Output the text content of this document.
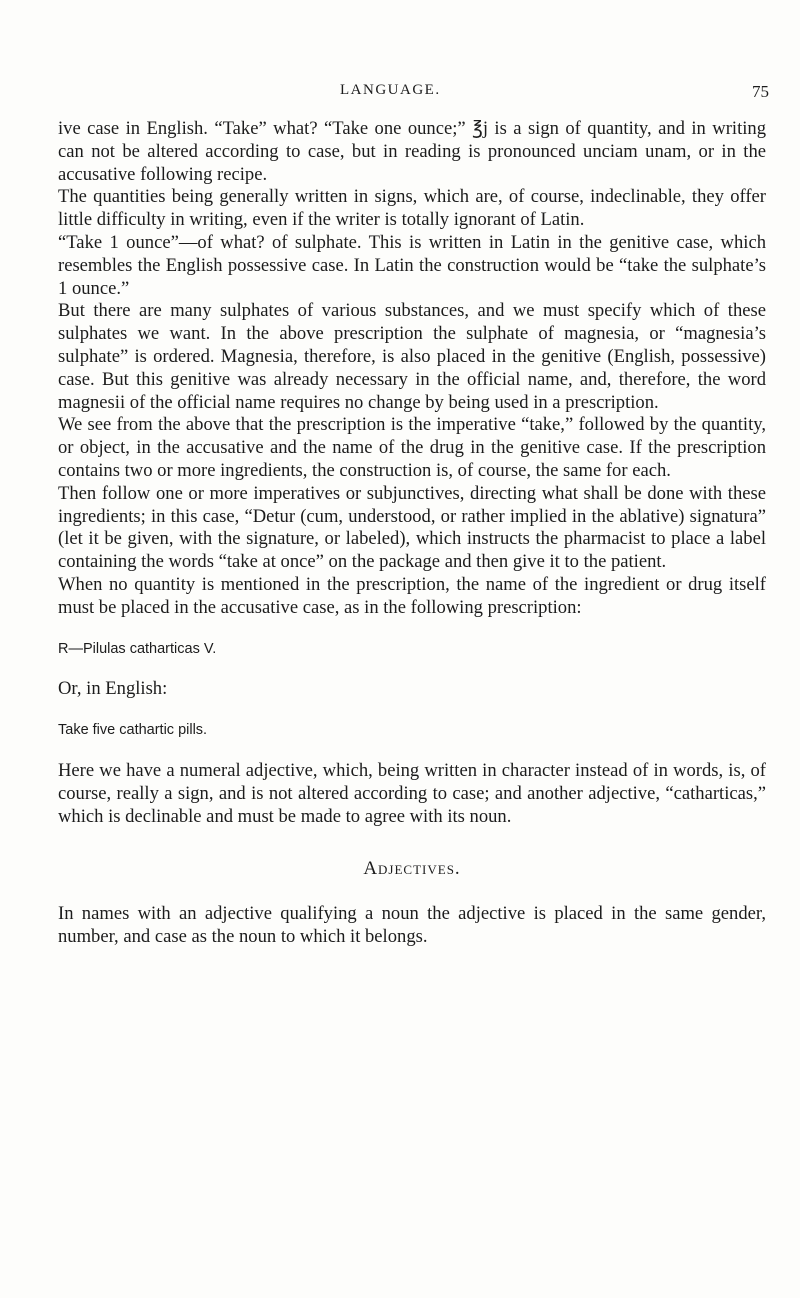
LANGUAGE.	75

ive case in English. “Take” what? “Take one ounce;” ℥j is a sign of quantity, and in writing can not be altered according to case, but in reading is pronounced unciam unam, or in the accusative following recipe.

The quantities being generally written in signs, which are, of course, indeclinable, they offer little difficulty in writing, even if the writer is totally ignorant of Latin.

“Take 1 ounce”—of what? of sulphate. This is written in Latin in the genitive case, which resembles the English possessive case. In Latin the construction would be “take the sulphate’s 1 ounce.”

But there are many sulphates of various substances, and we must specify which of these sulphates we want. In the above prescription the sulphate of magnesia, or “magnesia’s sulphate” is ordered. Magnesia, therefore, is also placed in the genitive (English, possessive) case. But this genitive was already necessary in the official name, and, therefore, the word magnesii of the official name requires no change by being used in a prescription.

We see from the above that the prescription is the imperative “take,” followed by the quantity, or object, in the accusative and the name of the drug in the genitive case. If the prescription contains two or more ingredients, the construction is, of course, the same for each.

Then follow one or more imperatives or subjunctives, directing what shall be done with these ingredients; in this case, “Detur (cum, understood, or rather implied in the ablative) signatura” (let it be given, with the signature, or labeled), which instructs the pharmacist to place a label containing the words “take at once” on the package and then give it to the patient.

When no quantity is mentioned in the prescription, the name of the ingredient or drug itself must be placed in the accusative case, as in the following prescription:

R—Pilulas catharticas V.

Or, in English:

Take five cathartic pills.

Here we have a numeral adjective, which, being written in character instead of in words, is, of course, really a sign, and is not altered according to case; and another adjective, “catharticas,” which is declinable and must be made to agree with its noun.

Adjectives.

In names with an adjective qualifying a noun the adjective is placed in the same gender, number, and case as the noun to which it belongs.
